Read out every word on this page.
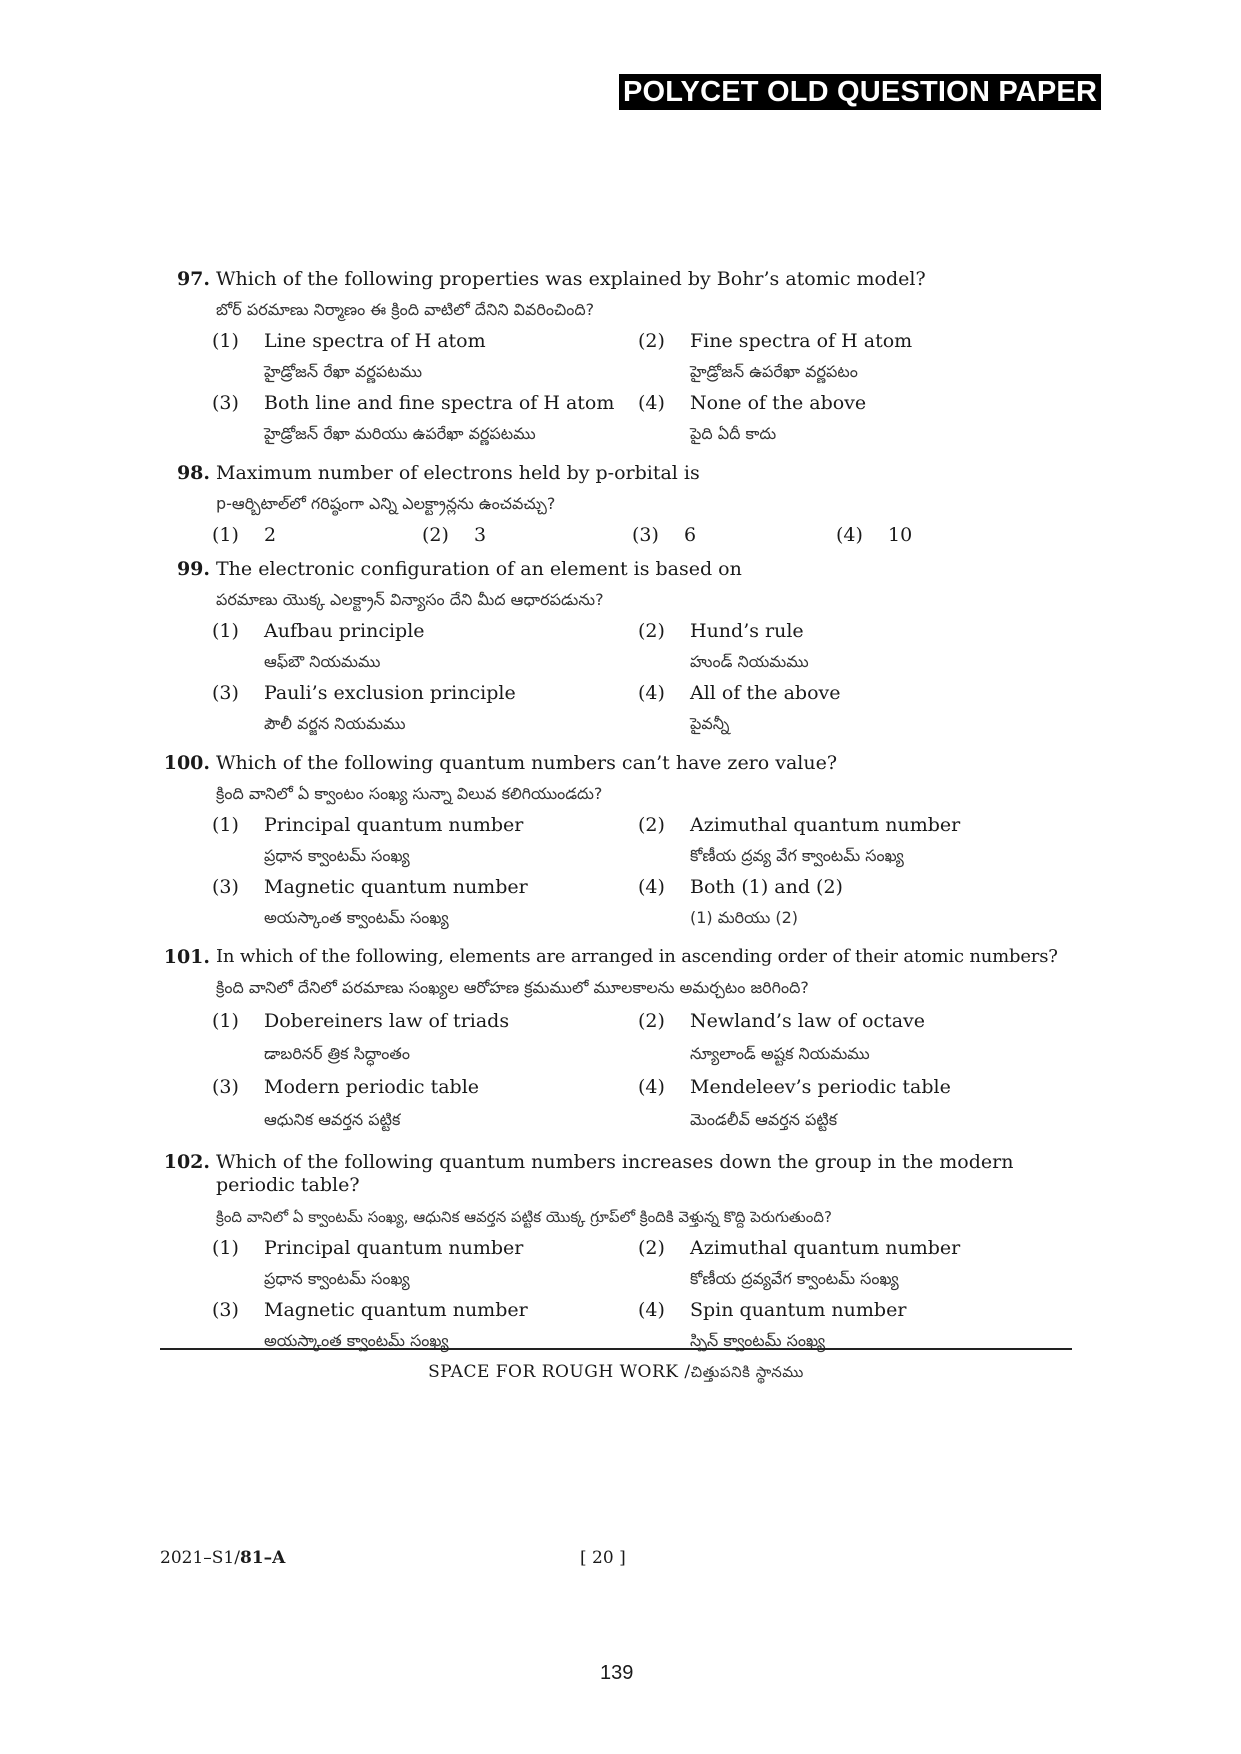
POLYCET OLD QUESTION PAPER
97. Which of the following properties was explained by Bohr’s atomic model?
బోర్ పరమాణు నిర్మాణం ఈ క్రింది వాటిలో దేనిని వివరించింది?
(1) Line spectra of H atom	(2) Fine spectra of H atom
హైడ్రోజన్ రేఖా వర్ణపటము	హైడ్రోజన్ ఉపరేఖా వర్ణపటం
(3) Both line and fine spectra of H atom (4) None of the above
హైడ్రోజన్ రేఖా మరియు ఉపరేఖా వర్ణపటము	పైది ఏదీ కాదు
98. Maximum number of electrons held by p-orbital is
p-ఆర్బిటాల్‌లో గరిష్ఠంగా ఎన్ని ఎలక్ట్రాన్లను ఉంచవచ్చు?
(1) 2	(2) 3	(3) 6	(4) 10
99. The electronic configuration of an element is based on
పరమాణు యొక్క ఎలక్ట్రాన్ విన్యాసం దేని మీద ఆధారపడును?
(1) Aufbau principle	(2) Hund’s rule
ఆఫ్‌బౌ నియమము	హుండ్ నియమము
(3) Pauli’s exclusion principle	(4) All of the above
పౌలీ వర్జన నియమము	పైవన్నీ
100. Which of the following quantum numbers can’t have zero value?
క్రింది వానిలో ఏ క్వాంటం సంఖ్య సున్నా విలువ కలిగియుండదు?
(1) Principal quantum number	(2) Azimuthal quantum number
ప్రధాన క్వాంటమ్ సంఖ్య	కోణీయ ద్రవ్య వేగ క్వాంటమ్ సంఖ్య
(3) Magnetic quantum number	(4) Both (1) and (2)
అయస్కాంత క్వాంటమ్ సంఖ్య	(1) మరియు (2)
101. In which of the following, elements are arranged in ascending order of their atomic numbers?
క్రింది వానిలో దేనిలో పరమాణు సంఖ్యల ఆరోహణ క్రమములో మూలకాలను అమర్చటం జరిగింది?
(1) Dobereiners law of triads	(2) Newland’s law of octave
డాబరినర్ త్రిక సిద్ధాంతం	న్యూలాండ్ అష్టక నియమము
(3) Modern periodic table	(4) Mendeleev’s periodic table
ఆధునిక ఆవర్తన పట్టిక	మెండలీవ్ ఆవర్తన పట్టిక
102. Which of the following quantum numbers increases down the group in the modern periodic table?
క్రింది వానిలో ఏ క్వాంటమ్ సంఖ్య, ఆధునిక ఆవర్తన పట్టిక యొక్క గ్రూప్‌లో క్రిందికి వెళ్తున్న కొద్ది పెరుగుతుంది?
(1) Principal quantum number	(2) Azimuthal quantum number
ప్రధాన క్వాంటమ్ సంఖ్య	కోణీయ ద్రవ్యవేగ క్వాంటమ్ సంఖ్య
(3) Magnetic quantum number	(4) Spin quantum number
అయస్కాంత క్వాంటమ్ సంఖ్య	స్పిన్ క్వాంటమ్ సంఖ్య
SPACE FOR ROUGH WORK /చిత్తుపనికి స్థానము
2021–S1/81–A	[ 20 ]
139
